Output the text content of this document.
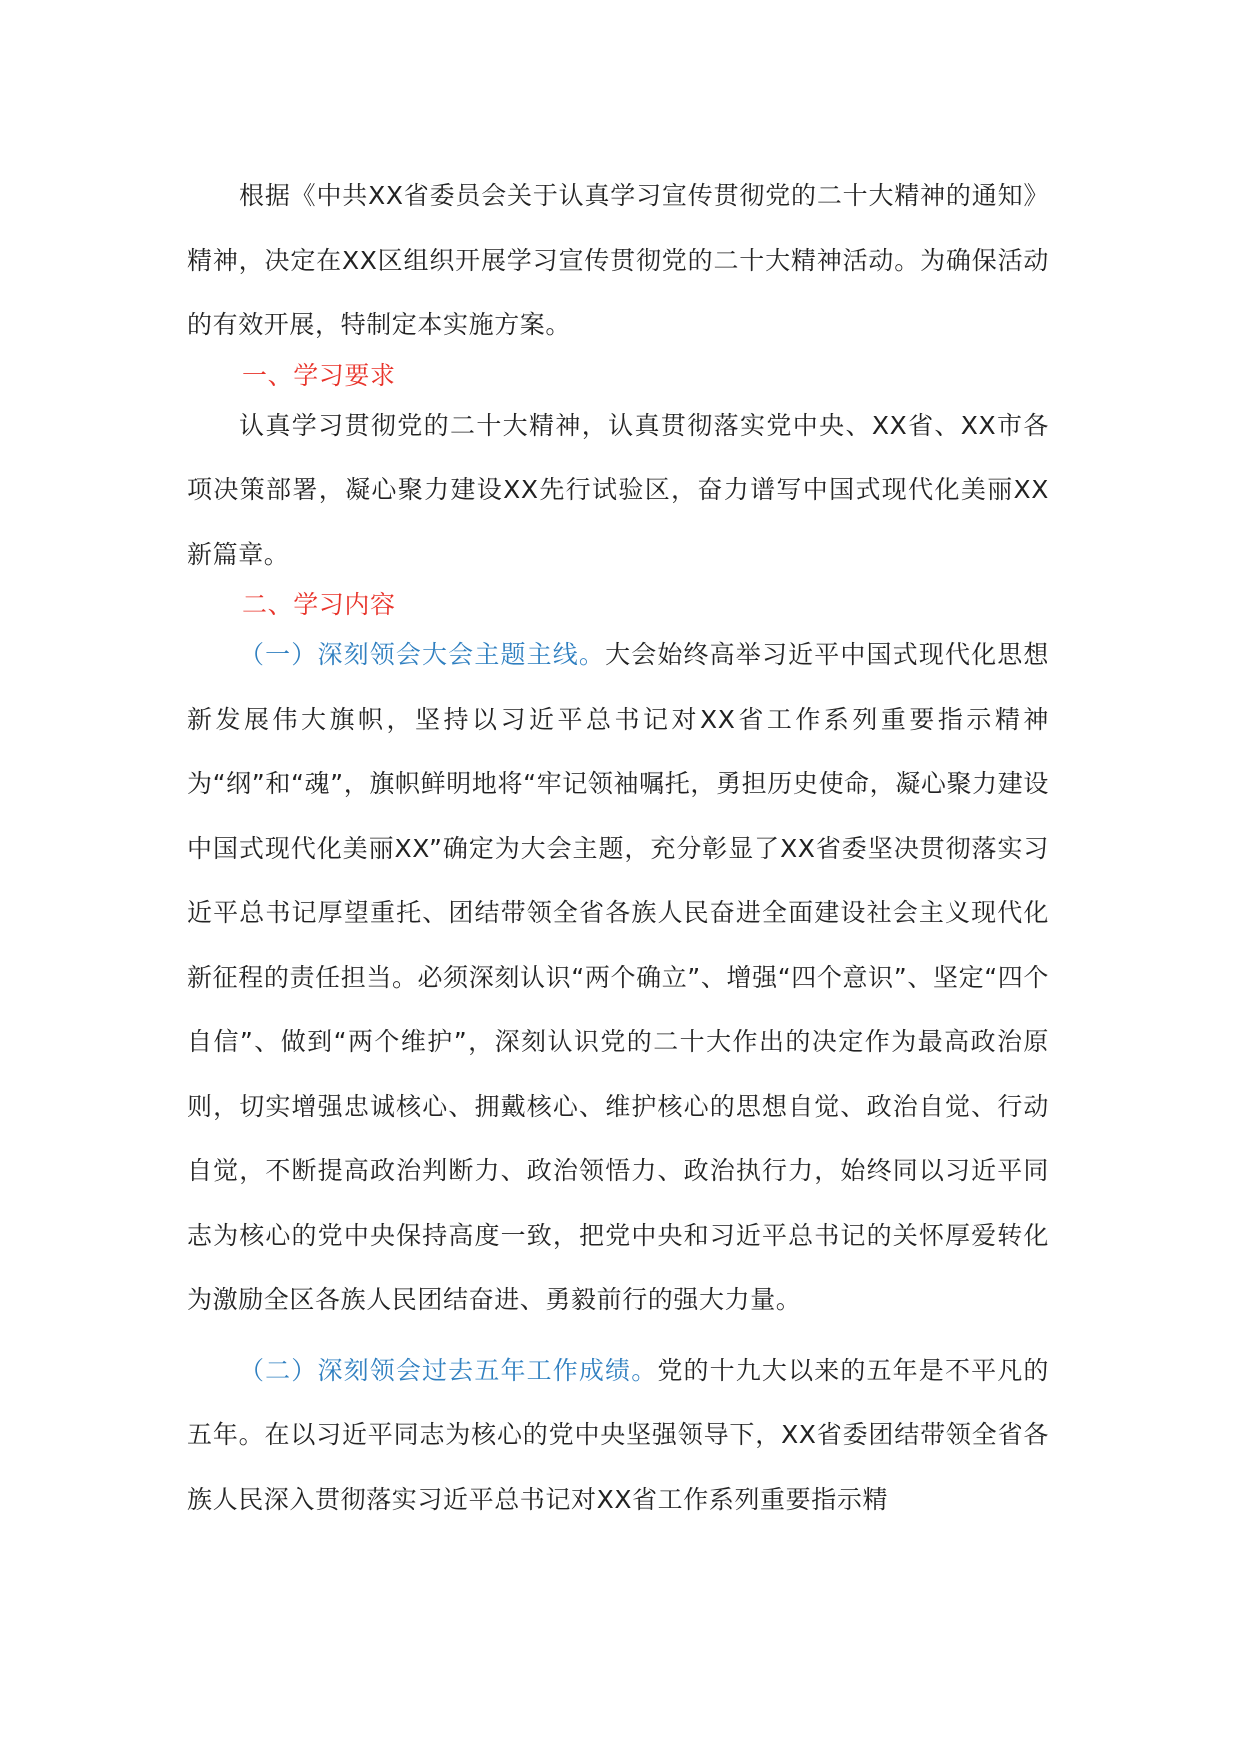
根据《中共XX省委员会关于认真学习宣传贯彻党的二十大精神的通知》精神，决定在XX区组织开展学习宣传贯彻党的二十大精神活动。为确保活动的有效开展，特制定本实施方案。

一、学习要求

认真学习贯彻党的二十大精神，认真贯彻落实党中央、XX省、XX市各项决策部署，凝心聚力建设XX先行试验区，奋力谱写中国式现代化美丽XX新篇章。

二、学习内容

（一）深刻领会大会主题主线。大会始终高举习近平中国式现代化思想新发展伟大旗帜，坚持以习近平总书记对XX省工作系列重要指示精神为“纲”和“魂”，旗帜鲜明地将“牢记领袖嘱托，勇担历史使命，凝心聚力建设中国式现代化美丽XX”确定为大会主题，充分彰显了XX省委坚决贯彻落实习近平总书记厚望重托、团结带领全省各族人民奋进全面建设社会主义现代化新征程的责任担当。必须深刻认识“两个确立”、增强“四个意识”、坚定“四个自信”、做到“两个维护”，深刻认识党的二十大作出的决定作为最高政治原则，切实增强忠诚核心、拥戴核心、维护核心的思想自觉、政治自觉、行动自觉，不断提高政治判断力、政治领悟力、政治执行力，始终同以习近平同志为核心的党中央保持高度一致，把党中央和习近平总书记的关怀厚爱转化为激励全区各族人民团结奋进、勇毅前行的强大力量。

（二）深刻领会过去五年工作成绩。党的十九大以来的五年是不平凡的五年。在以习近平同志为核心的党中央坚强领导下，XX省委团结带领全省各族人民深入贯彻落实习近平总书记对XX省工作系列重要指示精
